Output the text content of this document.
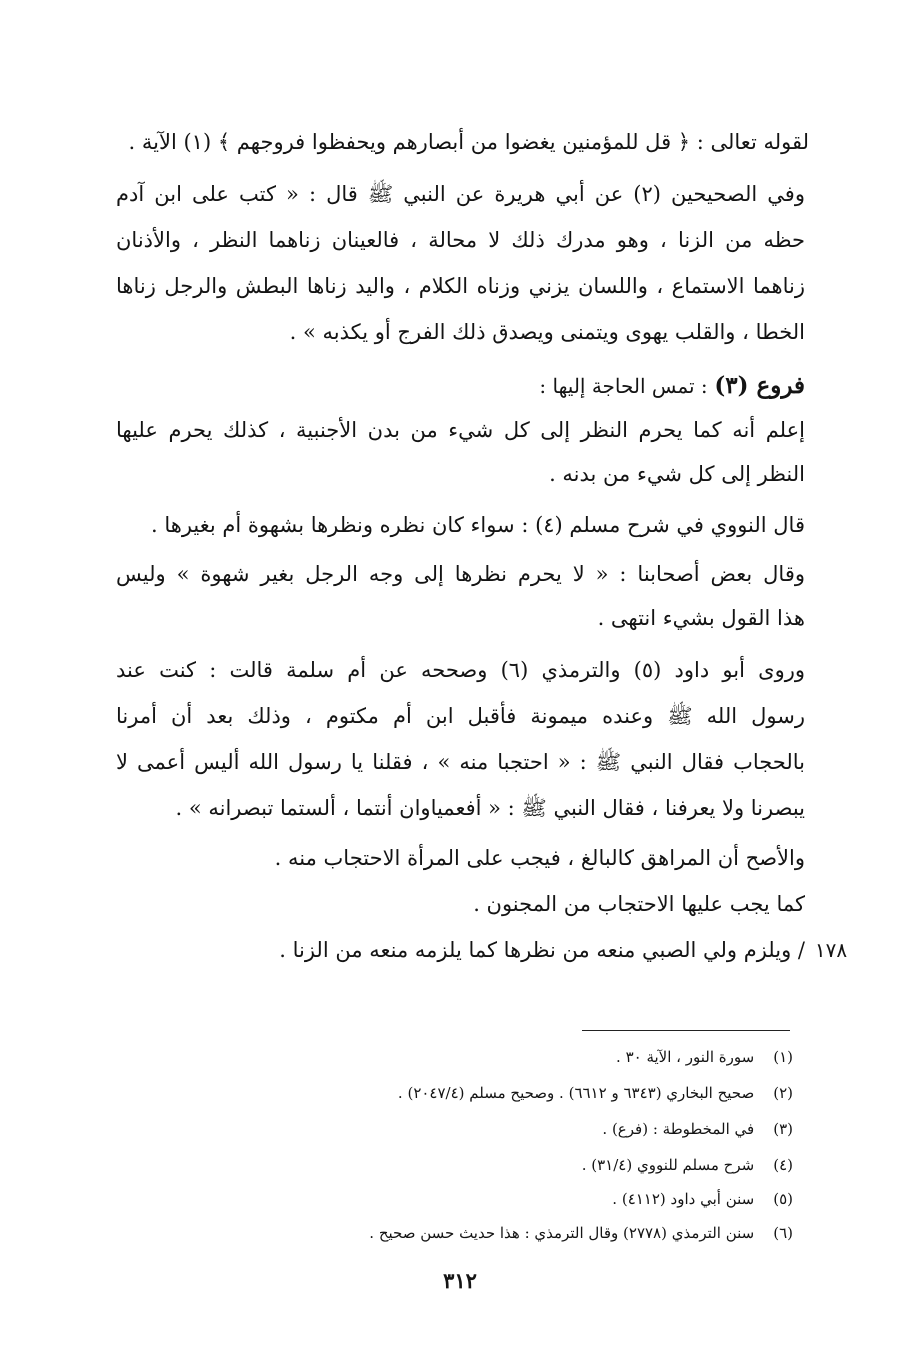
لقوله تعالى : ﴿ قل للمؤمنين يغضوا من أبصارهم ويحفظوا فروجهم ﴾ (١) الآية .
وفي الصحيحين (٢) عن أبي هريرة عن النبي ﷺ قال : « كتب على ابن آدم
حظه من الزنا ، وهو مدرك ذلك لا محالة ، فالعينان زناهما النظر ، والأذنان
زناهما الاستماع ، واللسان يزني وزناه الكلام ، واليد زناها البطش والرجل زناها
الخطا ، والقلب يهوى ويتمنى ويصدق ذلك الفرج أو يكذبه » .
فروع (٣) : تمس الحاجة إليها :
إعلم أنه كما يحرم النظر إلى كل شيء من بدن الأجنبية ، كذلك يحرم عليها
النظر إلى كل شيء من بدنه .
قال النووي في شرح مسلم (٤) : سواء كان نظره ونظرها بشهوة أم بغيرها .
وقال بعض أصحابنا : « لا يحرم نظرها إلى وجه الرجل بغير شهوة » وليس
هذا القول بشيء انتهى .
وروى أبو داود (٥) والترمذي (٦) وصححه عن أم سلمة قالت : كنت عند
رسول الله ﷺ وعنده ميمونة فأقبل ابن أم مكتوم ، وذلك بعد أن أمرنا
بالحجاب فقال النبي ﷺ : « احتجبا منه » ، فقلنا يا رسول الله أليس أعمى لا
يبصرنا ولا يعرفنا ، فقال النبي ﷺ : « أفعمياوان أنتما ، ألستما تبصرانه » .
والأصح أن المراهق كالبالغ ، فيجب على المرأة الاحتجاب منه .
كما يجب عليها الاحتجاب من المجنون .
/ ويلزم ولي الصبي منعه من نظرها كما يلزمه منعه من الزنا . ١٧٨
(١) سورة النور ، الآية ٣٠ .
(٢) صحيح البخاري (٦٣٤٣ و ٦٦١٢) . وصحيح مسلم (٢٠٤٧/٤) .
(٣) في المخطوطة : (فرع) .
(٤) شرح مسلم للنووي (٣١/٤) .
(٥) سنن أبي داود (٤١١٢) .
(٦) سنن الترمذي (٢٧٧٨) وقال الترمذي : هذا حديث حسن صحيح .
٣١٢
